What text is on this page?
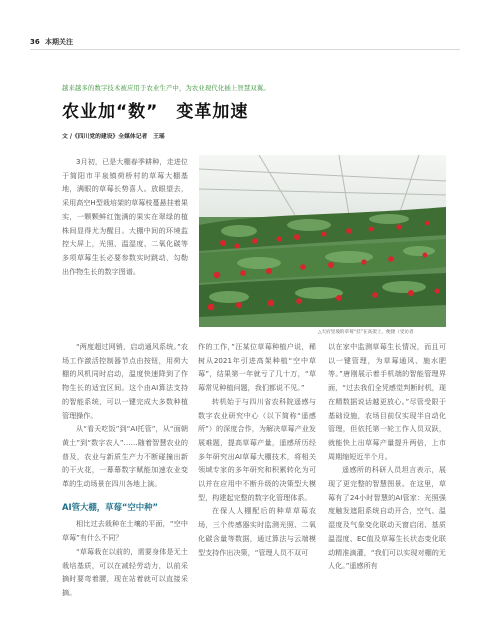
36 本期关注
越来越多的数字技术被应用于农业生产中，为农业现代化插上智慧双翼。
农业加“数”　变革加速
文 /《四川党的建设》全媒体记者　王瑶
△天府里坡的草莓“挂”在高架上，便捷（受访者

3月初，已是大棚春季耕种，走进位于简阳市平泉镇荷桥村的草莓大棚基地，满眼的草莓长势喜人。放眼望去，采用高空H型栽培架的草莓枝蔓悬挂着果实，一颗颗鲜红饱满的果实在翠绿的植株间显得尤为醒目。大棚中间的环境监控大屏上，光照、温湿度、二氧化碳等多项草莓生长必要参数实时跳动，勾勒出作物生长的数字图谱。

“两度超过网销，启动通风系统。”农场工作激活控制器节点由按钮，用荷大棚的风机同时启动，温度快速降到了作物生长的适宜区间。这个由AI算法支持的智能系统，可以一键完成大多数种植管理操作。

从“看天吃饭”到“AI托管”，从“面朝黄土”到“数字农人”……随着智慧农业的普及，农业与新质生产力不断碰撞出新的干火花，一幕幕数字赋能加速农业变革的生动场景在四川各地上演。

AI管大棚，草莓“空中种”

相比过去栽种在土壤的平面，“空中草莓”有什么不同？

“草莓栽在以前的，需要身体是无土栽培基质，可以在减轻劳动力，以前采摘时要弯着腰，现在站着就可以直接采摘。

作的工作，”汪某位草莓种植户说，稀树从2021年引进高架种植“空中草莓”，结果第一年就亏了几十万，“草莓常见种植问题，我们都说不见。”

转机始于与四川省农科院遥感与数字农业研究中心（以下简称“遥感所”）的深度合作，为解决草莓产业发展难题，提高草莓产量，遥感所历经多年研究出AI草莓大棚技术，将相关领域专家的多年研究和积累转化为可以并在应用中不断升级的决策型大模型，构建起完整的数字化管理体系。

在保人人棚配后的种草草莓农场，三个传感器实时监测光照、二氧化碳含量等数据，通过算法与云端模型支持作出决策，“管理人员不双可

以在家中监测草莓生长情况，而且可以一键管理，为草莓通风、施水肥等。”唐刚展示着手机端的智能管理界面，“过去我们全凭感觉判断时机，现在精数据说话越更放心。”尽管受限于基础设施，农场目前仅实现半自动化管理，但依托第一轮工作人员双跃，就能快上出草莓产量提升两倍，上市周期缩短近半个月。

遥感所的科研人员坦言表示，展现了更完整的智慧图景。在这里，草莓有了24小时智慧的AI管家：光照强度触发遮阳系统自动开合，空气、温湿度及气象变化联动天窗启闭、基质温湿度、EC值及草莓生长状态变化联动精准滴灌，“我们可以实现对棚的无人化。”遥感所有
